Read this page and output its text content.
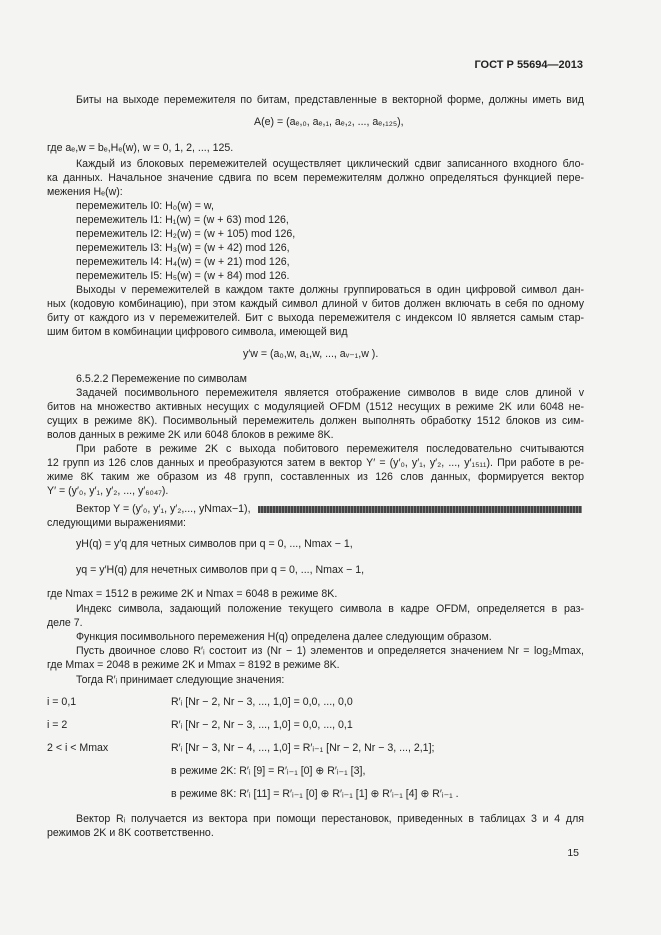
ГОСТ Р 55694—2013
Биты на выходе перемежителя по битам, представленные в векторной форме, должны иметь вид
A(e) = (aₑ,₀, aₑ,₁, aₑ,₂, ..., aₑ,₁₂₅),
где aₑ,w = bₑ,Hₑ(w), w = 0, 1, 2, ..., 125.
Каждый из блоковых перемежителей осуществляет циклический сдвиг записанного входного бло-
ка данных. Начальное значение сдвига по всем перемежителям должно определяться функцией пере-
межения Hₑ(w):
перемежитель I0: H₀(w) = w,
перемежитель I1: H₁(w) = (w + 63) mod 126,
перемежитель I2: H₂(w) = (w + 105) mod 126,
перемежитель I3: H₃(w) = (w + 42) mod 126,
перемежитель I4: H₄(w) = (w + 21) mod 126,
перемежитель I5: H₅(w) = (w + 84) mod 126.
Выходы v перемежителей в каждом такте должны группироваться в один цифровой символ дан-
ных (кодовую комбинацию), при этом каждый символ длиной v битов должен включать в себя по одному
биту от каждого из v перемежителей. Бит с выхода перемежителя с индексом I0 является самым стар-
шим битом в комбинации цифрового символа, имеющей вид
y′w = (a₀,w, a₁,w, ..., aᵥ₋₁,w ).
6.5.2.2 Перемежение по символам
Задачей посимвольного перемежителя является отображение символов в виде слов длиной v
битов на множество активных несущих с модуляцией OFDM (1512 несущих в режиме 2K или 6048 не-
сущих в режиме 8K). Посимвольный перемежитель должен выполнять обработку 1512 блоков из сим-
волов данных в режиме 2K или 6048 блоков в режиме 8K.
При работе в режиме 2K с выхода побитового перемежителя последовательно считываются
12 групп из 126 слов данных и преобразуются затем в вектор Y′ = (y′₀, y′₁, y′₂, ..., y′₁₅₁₁). При работе в ре-
жиме 8K таким же образом из 48 групп, составленных из 126 слов данных, формируется вектор
Y′ = (y′₀, y′₁, y′₂, ..., y′₆₀₄₇).
Вектор Y = (y′₀, y′₁, y′₂,..., yNmax−1),
следующими выражениями:
yH(q) = y′q для четных символов при q = 0, ..., Nmax − 1,
yq = y′H(q) для нечетных символов при q = 0, ..., Nmax − 1,
где Nmax = 1512 в режиме 2K и Nmax = 6048 в режиме 8K.
Индекс символа, задающий положение текущего символа в кадре OFDM, определяется в раз-
деле 7.
Функция посимвольного перемежения H(q) определена далее следующим образом.
Пусть двоичное слово R′ᵢ состоит из (Nr − 1) элементов и определяется значением Nr = log₂Mmax,
где Mmax = 2048 в режиме 2K и Mmax = 8192 в режиме 8K.
Тогда R′ᵢ принимает следующие значения:
i = 0,1	R′ᵢ [Nr − 2, Nr − 3, ..., 1,0] = 0,0, ..., 0,0
i = 2	R′ᵢ [Nr − 2, Nr − 3, ..., 1,0] = 0,0, ..., 0,1
2 < i < Mmax	R′ᵢ [Nr − 3, Nr − 4, ..., 1,0] = R′ᵢ₋₁ [Nr − 2, Nr − 3, ..., 2,1];
в режиме 2K: R′ᵢ [9] = R′ᵢ₋₁ [0] ⊕ R′ᵢ₋₁ [3],
в режиме 8K: R′ᵢ [11] = R′ᵢ₋₁ [0] ⊕ R′ᵢ₋₁ [1] ⊕ R′ᵢ₋₁ [4] ⊕ R′ᵢ₋₁ .
Вектор Rᵢ получается из вектора при помощи перестановок, приведенных в таблицах 3 и 4 для
режимов 2K и 8K соответственно.
15
